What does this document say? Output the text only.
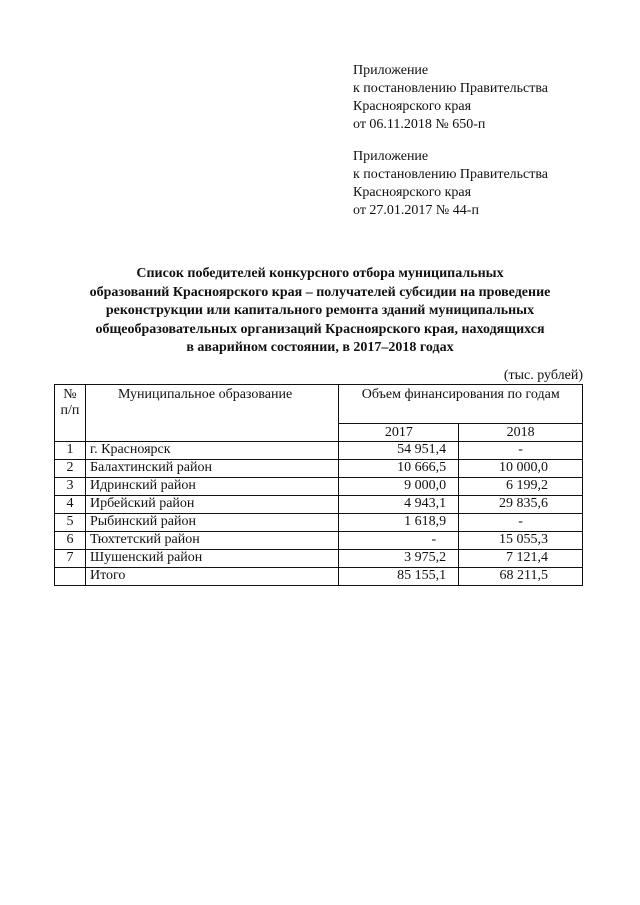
Приложение
к постановлению Правительства
Красноярского края
от 06.11.2018 № 650-п
Приложение
к постановлению Правительства
Красноярского края
от 27.01.2017 № 44-п
Список победителей конкурсного отбора муниципальных
образований Красноярского края – получателей субсидии на проведение
реконструкции или капитального ремонта зданий муниципальных
общеобразовательных организаций Красноярского края, находящихся
в аварийном состоянии, в 2017–2018 годах
(тыс. рублей)
№ п/п	Муниципальное образование	Объем финансирования по годам	
		2017	2018
1	г. Красноярск	54 951,4	-
2	Балахтинский район	10 666,5	10 000,0
3	Идринский район	9 000,0	6 199,2
4	Ирбейский район	4 943,1	29 835,6
5	Рыбинский район	1 618,9	-
6	Тюхтетский район	-	15 055,3
7	Шушенский район	3 975,2	7 121,4
	Итого	85 155,1	68 211,5
